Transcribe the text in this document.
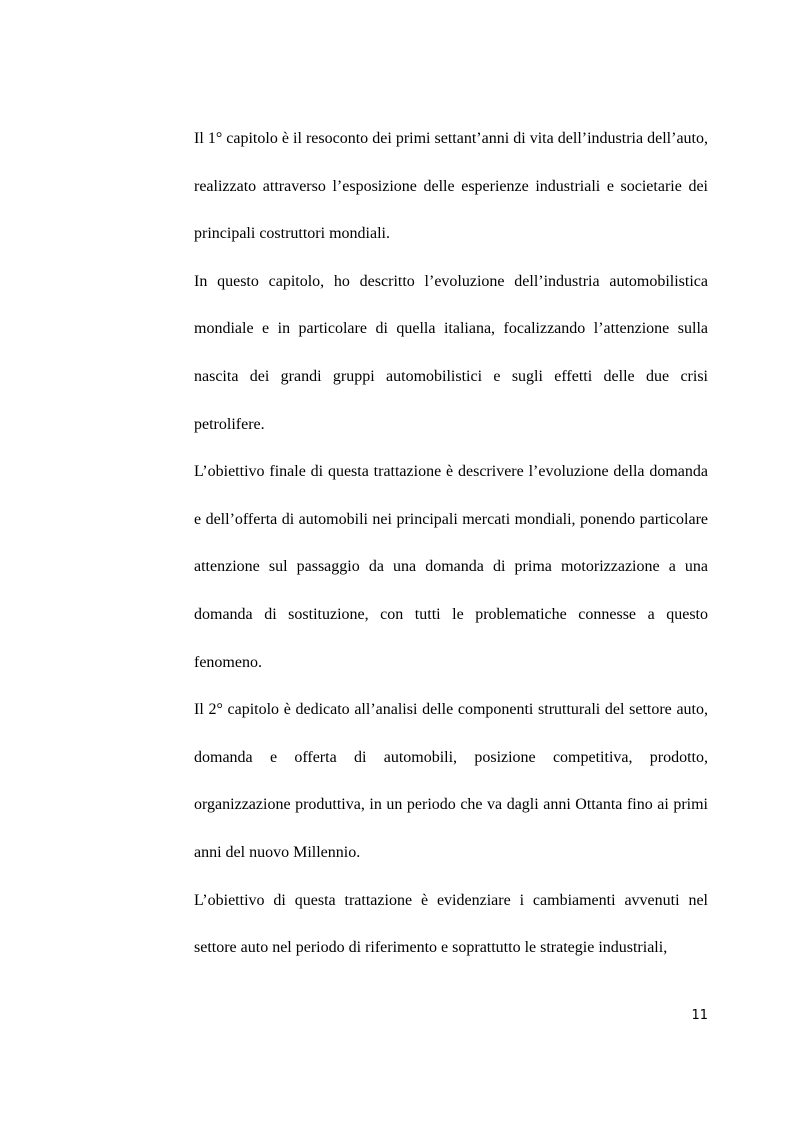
Il 1° capitolo è il resoconto dei primi settant’anni di vita dell’industria dell’auto, realizzato attraverso l’esposizione delle esperienze industriali e societarie dei principali costruttori mondiali.

In questo capitolo, ho descritto l’evoluzione dell’industria automobilistica mondiale e in particolare di quella italiana, focalizzando l’attenzione sulla nascita dei grandi gruppi automobilistici e sugli effetti delle due crisi petrolifere.

L’obiettivo finale di questa trattazione è descrivere l’evoluzione della domanda e dell’offerta di automobili nei principali mercati mondiali, ponendo particolare attenzione sul passaggio da una domanda di prima motorizzazione a una domanda di sostituzione, con tutti le problematiche connesse a questo fenomeno.

Il 2° capitolo è dedicato all’analisi delle componenti strutturali del settore auto, domanda e offerta di automobili, posizione competitiva, prodotto, organizzazione produttiva, in un periodo che va dagli anni Ottanta fino ai primi anni del nuovo Millennio.

L’obiettivo di questa trattazione è evidenziare i cambiamenti avvenuti nel settore auto nel periodo di riferimento e soprattutto le strategie industriali,

11
